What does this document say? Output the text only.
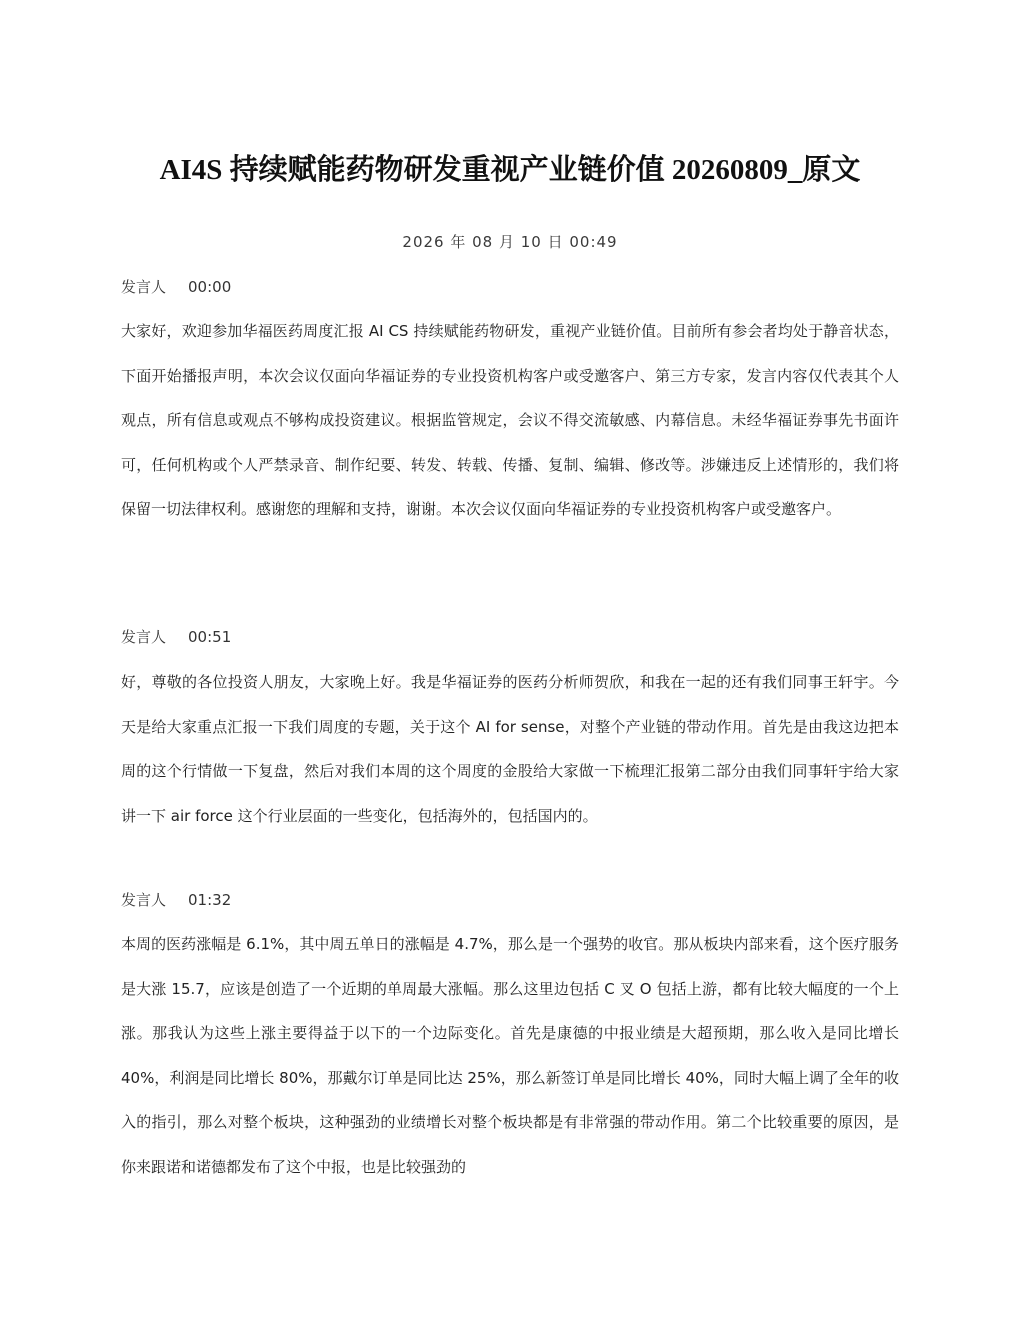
AI4S 持续赋能药物研发重视产业链价值 20260809_原文
2026 年 08 月 10 日 00:49
发言人 00:00

大家好，欢迎参加华福医药周度汇报 AI CS 持续赋能药物研发，重视产业链价值。目前所有参会者均处于静音状态，下面开始播报声明，本次会议仅面向华福证券的专业投资机构客户或受邀客户、第三方专家，发言内容仅代表其个人观点，所有信息或观点不够构成投资建议。根据监管规定，会议不得交流敏感、内幕信息。未经华福证券事先书面许可，任何机构或个人严禁录音、制作纪要、转发、转载、传播、复制、编辑、修改等。涉嫌违反上述情形的，我们将保留一切法律权利。感谢您的理解和支持，谢谢。本次会议仅面向华福证券的专业投资机构客户或受邀客户。

发言人 00:51

好，尊敬的各位投资人朋友，大家晚上好。我是华福证券的医药分析师贺欣，和我在一起的还有我们同事王轩宇。今天是给大家重点汇报一下我们周度的专题，关于这个 AI for sense，对整个产业链的带动作用。首先是由我这边把本周的这个行情做一下复盘，然后对我们本周的这个周度的金股给大家做一下梳理汇报第二部分由我们同事轩宇给大家讲一下 air force 这个行业层面的一些变化，包括海外的，包括国内的。

发言人 01:32

本周的医药涨幅是 6.1%，其中周五单日的涨幅是 4.7%，那么是一个强势的收官。那从板块内部来看，这个医疗服务是大涨 15.7，应该是创造了一个近期的单周最大涨幅。那么这里边包括 C 叉 O 包括上游，都有比较大幅度的一个上涨。那我认为这些上涨主要得益于以下的一个边际变化。首先是康德的中报业绩是大超预期，那么收入是同比增长 40%，利润是同比增长 80%，那戴尔订单是同比达 25%，那么新签订单是同比增长 40%，同时大幅上调了全年的收入的指引，那么对整个板块，这种强劲的业绩增长对整个板块都是有非常强的带动作用。第二个比较重要的原因，是你来跟诺和诺德都发布了这个中报，也是比较强劲的
